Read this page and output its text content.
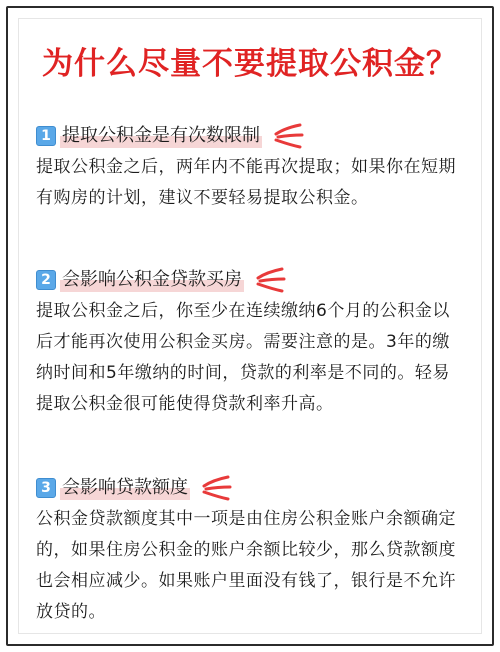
为什么尽量不要提取公积金？
1 提取公积金是有次数限制

提取公积金之后，两年内不能再次提取；如果你在短期有购房的计划，建议不要轻易提取公积金。

2 会影响公积金贷款买房

提取公积金之后，你至少在连续缴纳6个月的公积金以后才能再次使用公积金买房。需要注意的是。3年的缴纳时间和5年缴纳的时间，贷款的利率是不同的。轻易提取公积金很可能使得贷款利率升高。

3 会影响贷款额度

公积金贷款额度其中一项是由住房公积金账户余额确定的，如果住房公积金的账户余额比较少，那么贷款额度也会相应减少。如果账户里面没有钱了，银行是不允许放贷的。
